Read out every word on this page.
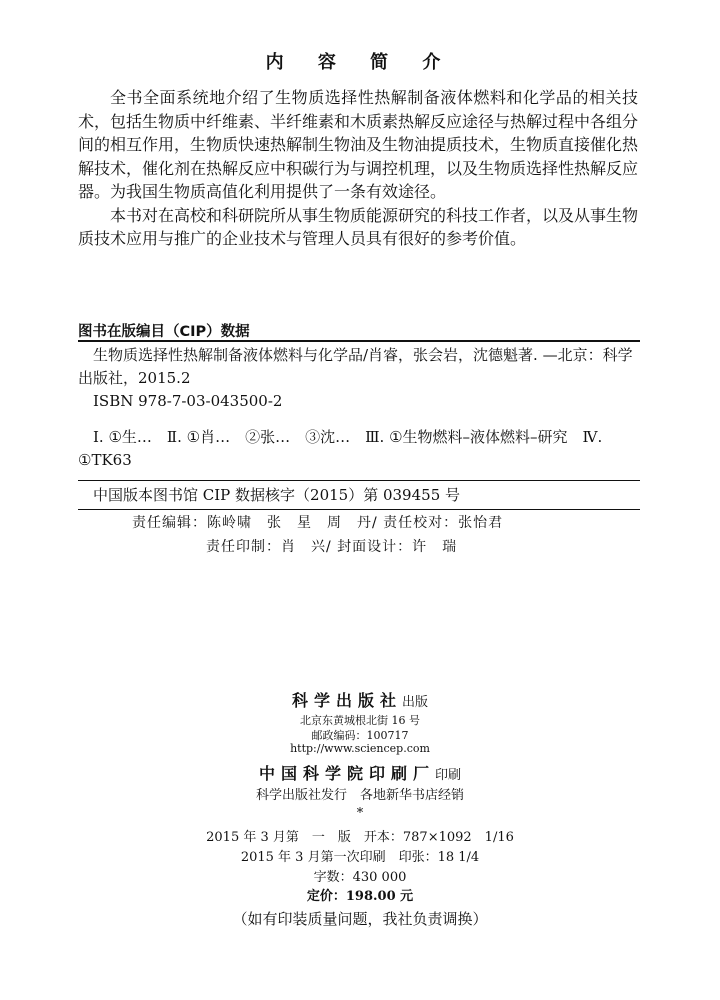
内 容 简 介

全书全面系统地介绍了生物质选择性热解制备液体燃料和化学品的相关技术，包括生物质中纤维素、半纤维素和木质素热解反应途径与热解过程中各组分间的相互作用，生物质快速热解制生物油及生物油提质技术，生物质直接催化热解技术，催化剂在热解反应中积碳行为与调控机理，以及生物质选择性热解反应器。为我国生物质高值化利用提供了一条有效途径。

本书对在高校和科研院所从事生物质能源研究的科技工作者，以及从事生物质技术应用与推广的企业技术与管理人员具有很好的参考价值。

图书在版编目（CIP）数据

生物质选择性热解制备液体燃料与化学品/肖睿，张会岩，沈德魁著. —北京：科学出版社，2015.2

ISBN 978-7-03-043500-2

Ⅰ. ①生…　Ⅱ. ①肖…　②张…　③沈…　Ⅲ. ①生物燃料–液体燃料–研究　Ⅳ. ①TK63

中国版本图书馆 CIP 数据核字（2015）第 039455 号

责任编辑：陈岭啸　张　星　周　丹/ 责任校对：张怡君
责任印制：肖　兴/ 封面设计：许　瑞
科学出版社出版
北京东黄城根北街 16 号
邮政编码：100717
http://www.sciencep.com
中国科学院印刷厂印刷
科学出版社发行　各地新华书店经销
*
2015 年 3 月第　一　版　开本：787×1092　1/16
2015 年 3 月第一次印刷　印张：18 1/4
字数：430 000
定价：198.00 元
（如有印装质量问题，我社负责调换）
